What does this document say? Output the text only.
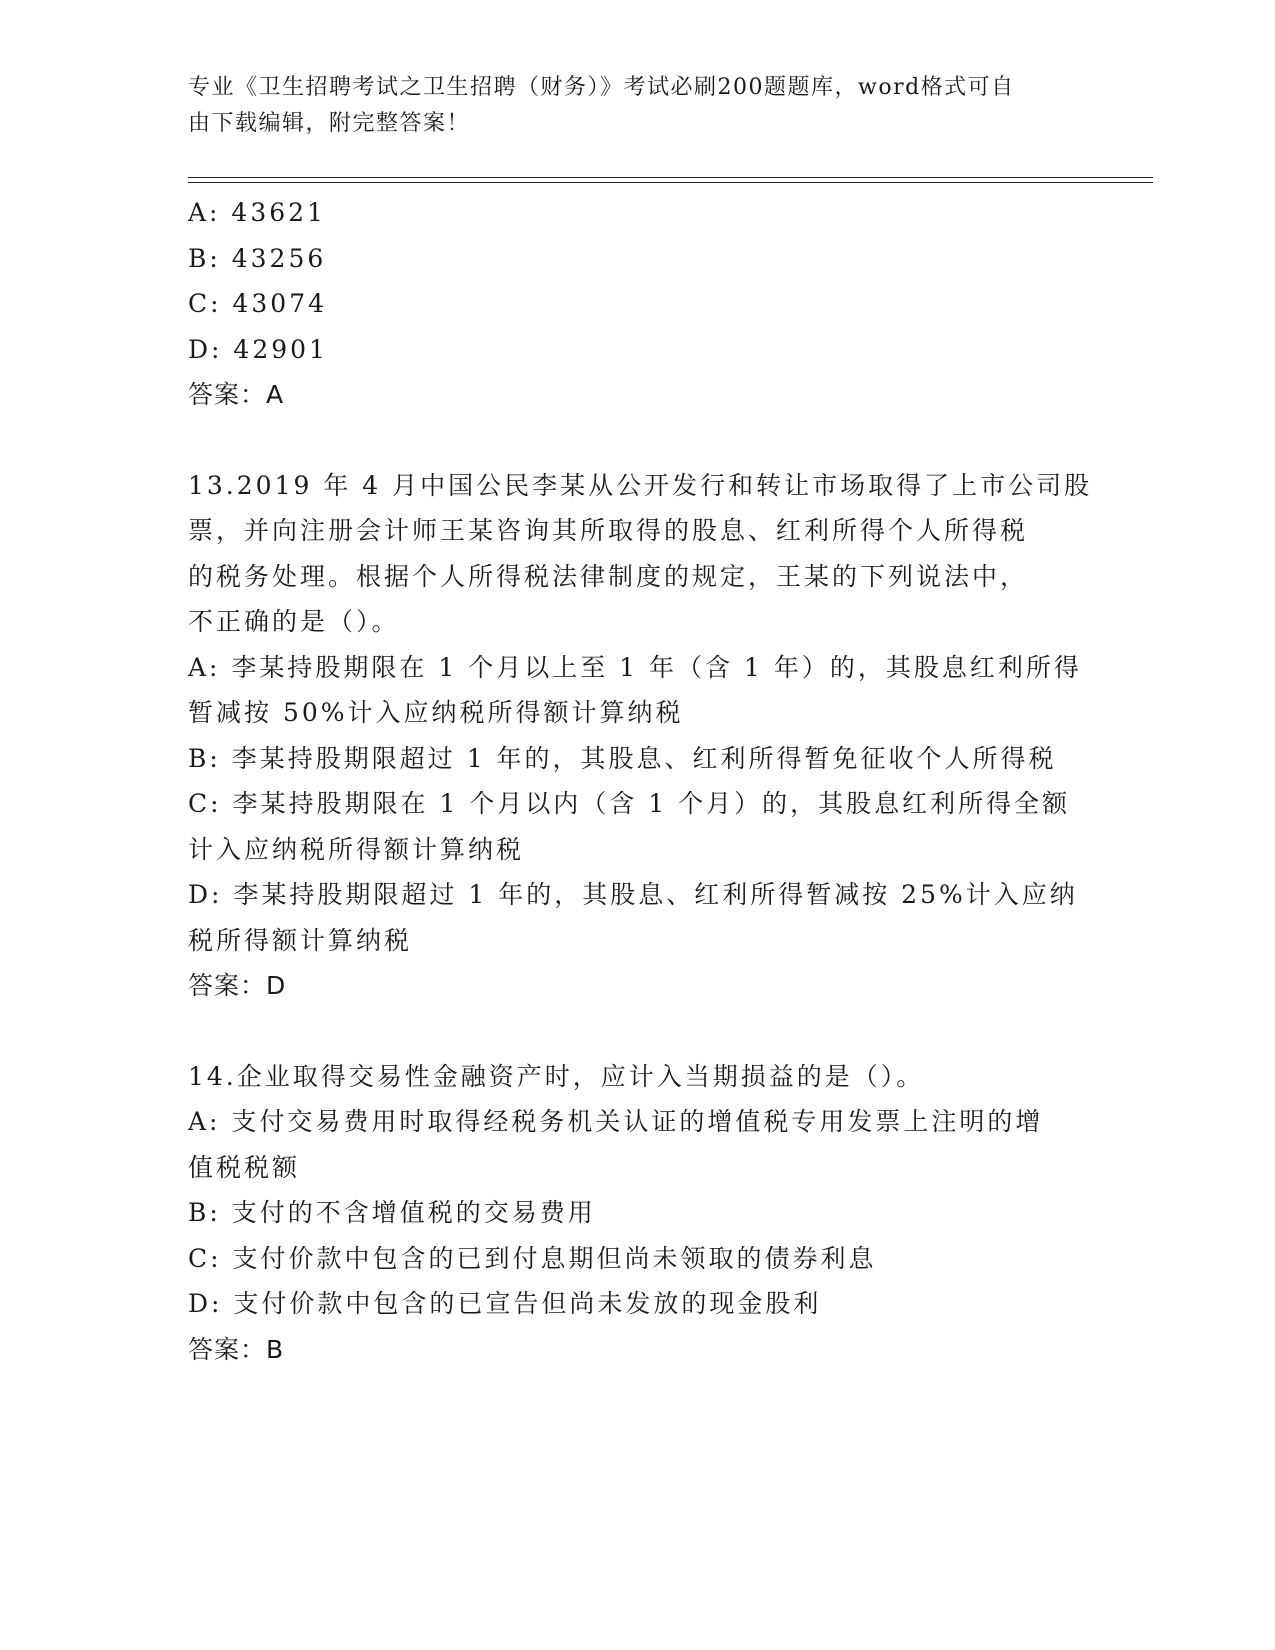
专业《卫生招聘考试之卫生招聘（财务）》考试必刷200题题库，word格式可自
由下载编辑，附完整答案！
A: 43621
B: 43256
C: 43074
D: 42901
答案：A
13.2019 年 4 月中国公民李某从公开发行和转让市场取得了上市公司股
票，并向注册会计师王某咨询其所取得的股息、红利所得个人所得税
的税务处理。根据个人所得税法律制度的规定，王某的下列说法中，
不正确的是（）。
A: 李某持股期限在 1 个月以上至 1 年（含 1 年）的，其股息红利所得
暂减按 50%计入应纳税所得额计算纳税
B: 李某持股期限超过 1 年的，其股息、红利所得暂免征收个人所得税
C: 李某持股期限在 1 个月以内（含 1 个月）的，其股息红利所得全额
计入应纳税所得额计算纳税
D: 李某持股期限超过 1 年的，其股息、红利所得暂减按 25%计入应纳
税所得额计算纳税
答案：D
14.企业取得交易性金融资产时，应计入当期损益的是（）。
A: 支付交易费用时取得经税务机关认证的增值税专用发票上注明的增
值税税额
B: 支付的不含增值税的交易费用
C: 支付价款中包含的已到付息期但尚未领取的债券利息
D: 支付价款中包含的已宣告但尚未发放的现金股利
答案：B
